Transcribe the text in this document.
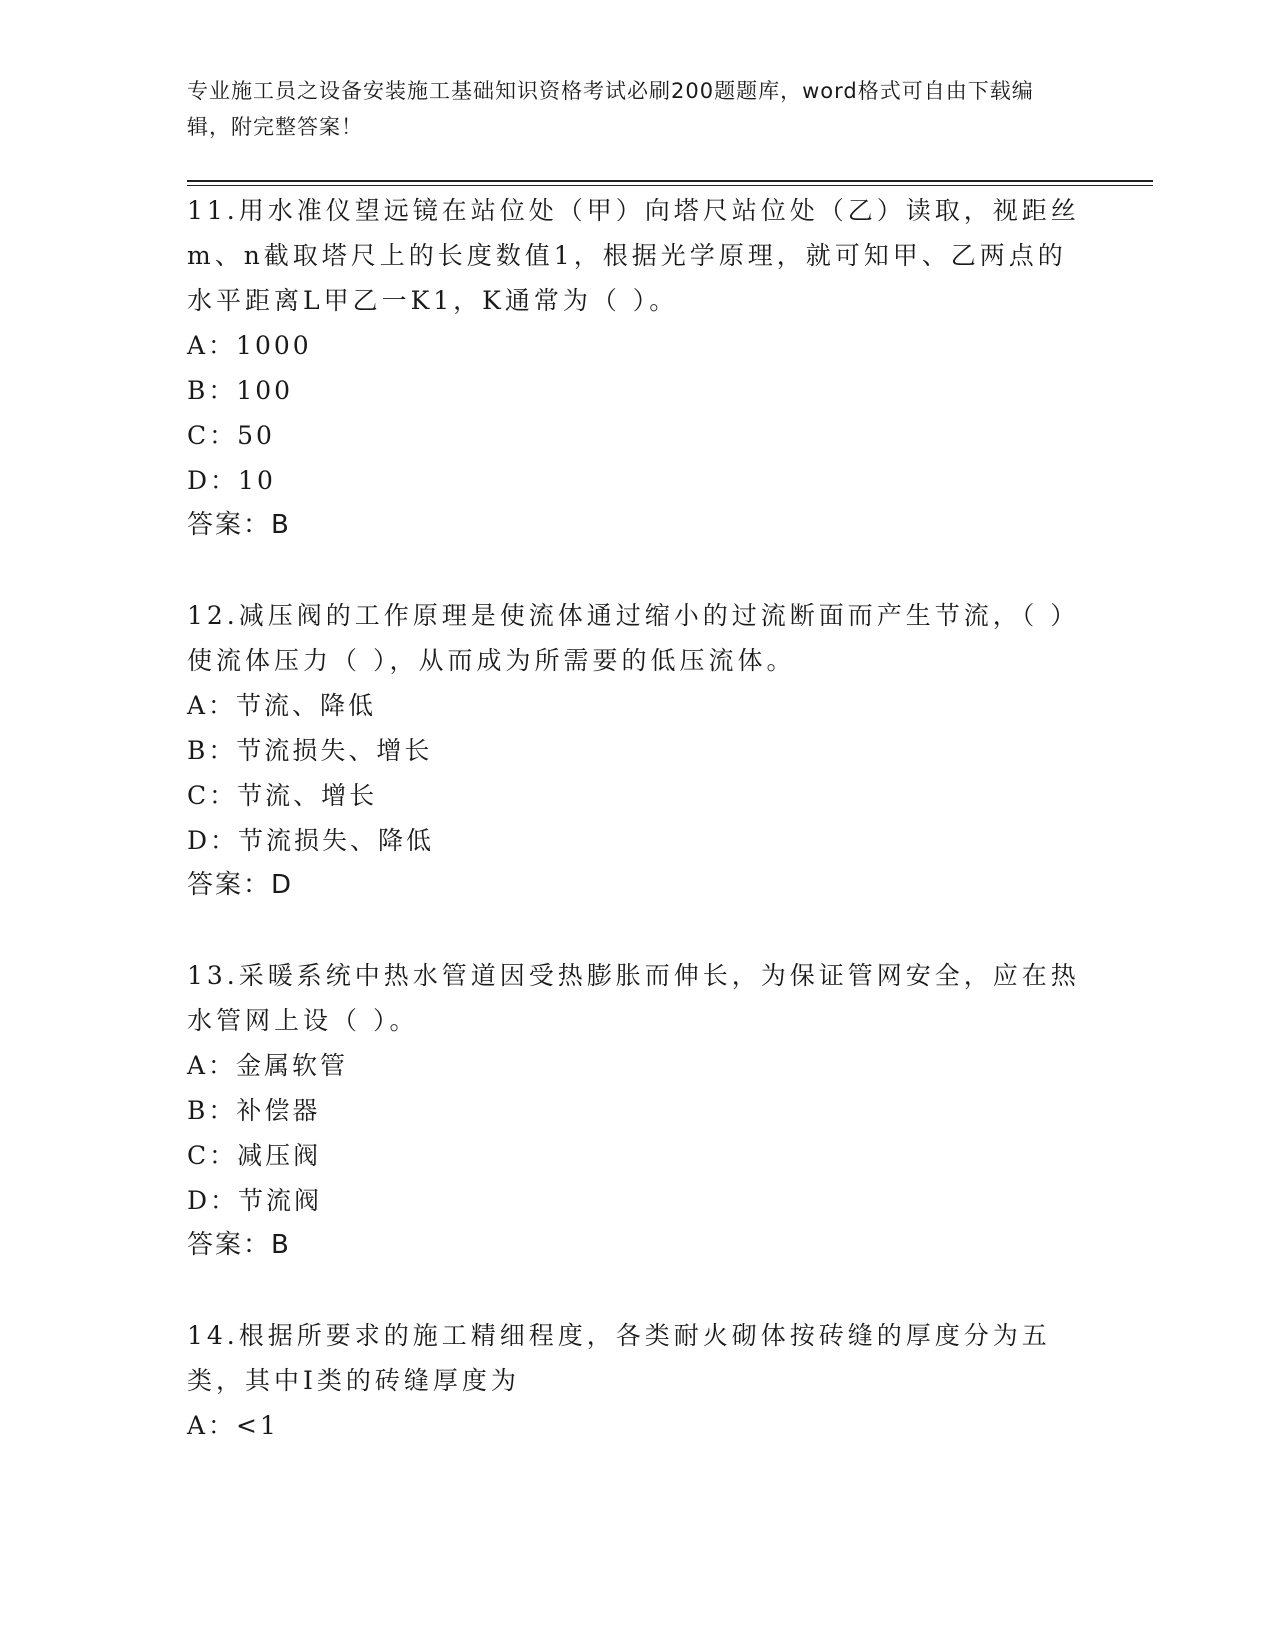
专业施工员之设备安装施工基础知识资格考试必刷200题题库，word格式可自由下载编辑，附完整答案！

11.用水准仪望远镜在站位处（甲）向塔尺站位处（乙）读取，视距丝m、n截取塔尺上的长度数值1，根据光学原理，就可知甲、乙两点的水平距离L甲乙一K1，K通常为（ ）。

A：1000

B：100

C：50

D：10

答案：B

12.减压阀的工作原理是使流体通过缩小的过流断面而产生节流，（ ）使流体压力（ ），从而成为所需要的低压流体。

A：节流、降低

B：节流损失、增长

C：节流、增长

D：节流损失、降低

答案：D

13.采暖系统中热水管道因受热膨胀而伸长，为保证管网安全，应在热水管网上设（ ）。

A：金属软管

B：补偿器

C：减压阀

D：节流阀

答案：B

14.根据所要求的施工精细程度，各类耐火砌体按砖缝的厚度分为五类，其中I类的砖缝厚度为

A：<1
